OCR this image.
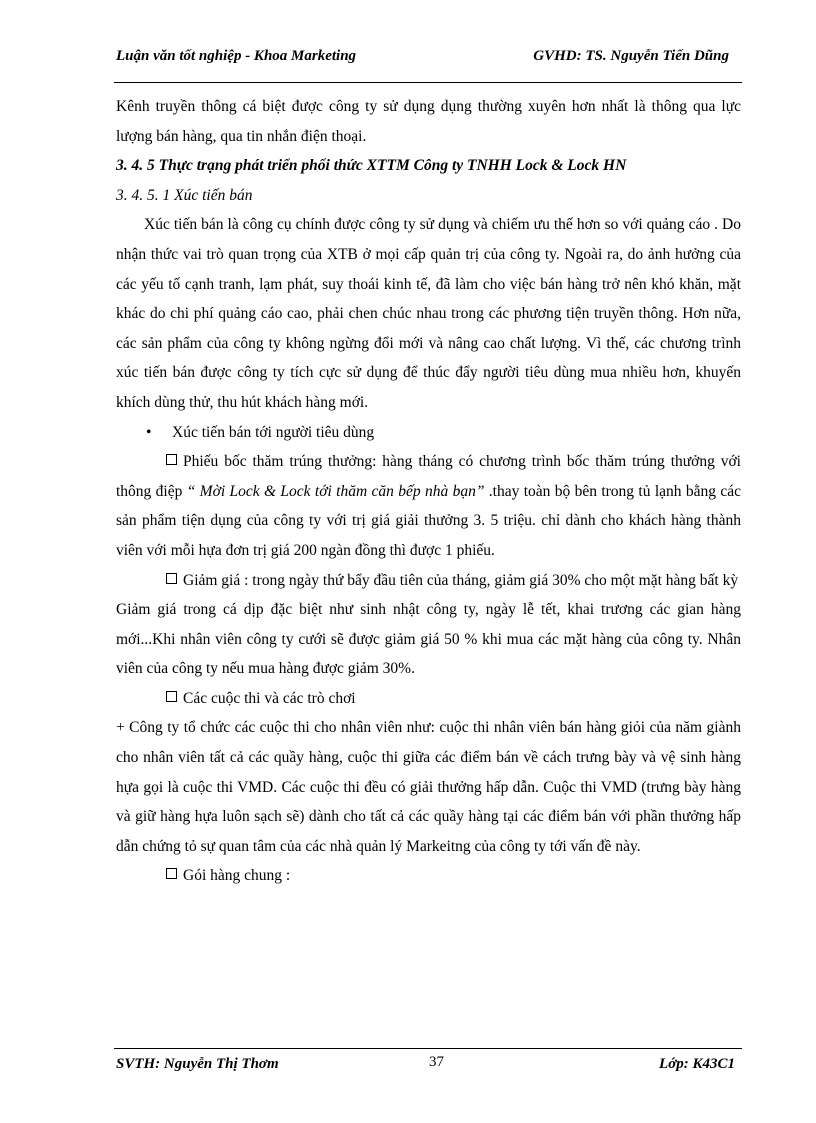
Luận văn tốt nghiệp - Khoa Marketing	GVHD: TS. Nguyễn Tiến Dũng

Kênh truyền thông cá biệt được công ty sử dụng dụng thường xuyên hơn nhất là thông qua lực lượng bán hàng, qua tin nhắn điện thoại.

3. 4. 5 Thực trạng phát triển phối thức XTTM Công ty TNHH Lock & Lock HN

3. 4. 5. 1 Xúc tiến bán

Xúc tiến bán là công cụ chính được công ty sử dụng và chiếm ưu thế hơn so với quảng cáo . Do nhận thức vai trò quan trọng của XTB ở mọi cấp quản trị của công ty. Ngoài ra, do ảnh hưởng của các yếu tố cạnh tranh, lạm phát, suy thoái kinh tế, đã làm cho việc bán hàng trở nên khó khăn, mặt khác do chi phí quảng cáo cao, phải chen chúc nhau trong các phương tiện truyền thông. Hơn nữa, các sản phẩm của công ty không ngừng đổi mới và nâng cao chất lượng. Vì thế, các chương trình xúc tiến bán được công ty tích cực sử dụng để thúc đẩy người tiêu dùng mua nhiều hơn, khuyến khích dùng thử, thu hút khách hàng mới.

• Xúc tiến bán tới người tiêu dùng

Phiếu bốc thăm trúng thưởng: hàng tháng có chương trình bốc thăm trúng thưởng với thông điệp “ Mời Lock & Lock tới thăm căn bếp nhà bạn” .thay toàn bộ bên trong tủ lạnh bằng các sản phẩm tiện dụng của công ty với trị giá giải thưởng 3. 5 triệu. chỉ dành cho khách hàng thành viên với mỗi hựa đơn trị giá 200 ngàn đồng thì được 1 phiếu.

Giảm giá : trong ngày thứ bẩy đầu tiên của tháng, giảm giá 30% cho một mặt hàng bất kỳ

Giảm giá trong cá dịp đặc biệt như sinh nhật công ty, ngày lễ tết, khai trương các gian hàng mới...Khi nhân viên công ty cưới sẽ được giảm giá 50 % khi mua các mặt hàng của công ty. Nhân viên của công ty nếu mua hàng được giảm 30%.

Các cuộc thi và các trò chơi

+ Công ty tổ chức các cuộc thi cho nhân viên như: cuộc thi nhân viên bán hàng giỏi của năm giành cho nhân viên tất cả các quầy hàng, cuộc thi giữa các điểm bán về cách trưng bày và vệ sinh hàng hựa gọi là cuộc thi VMD. Các cuộc thi đều có giải thưởng hấp dẫn. Cuộc thi VMD (trưng bày hàng và giữ hàng hựa luôn sạch sẽ) dành cho tất cả các quầy hàng tại các điểm bán với phần thưởng hấp dẫn chứng tỏ sự quan tâm của các nhà quản lý Markeitng của công ty tới vấn đề này.

Gói hàng chung :

SVTH: Nguyễn Thị Thơm	37	Lớp: K43C1
